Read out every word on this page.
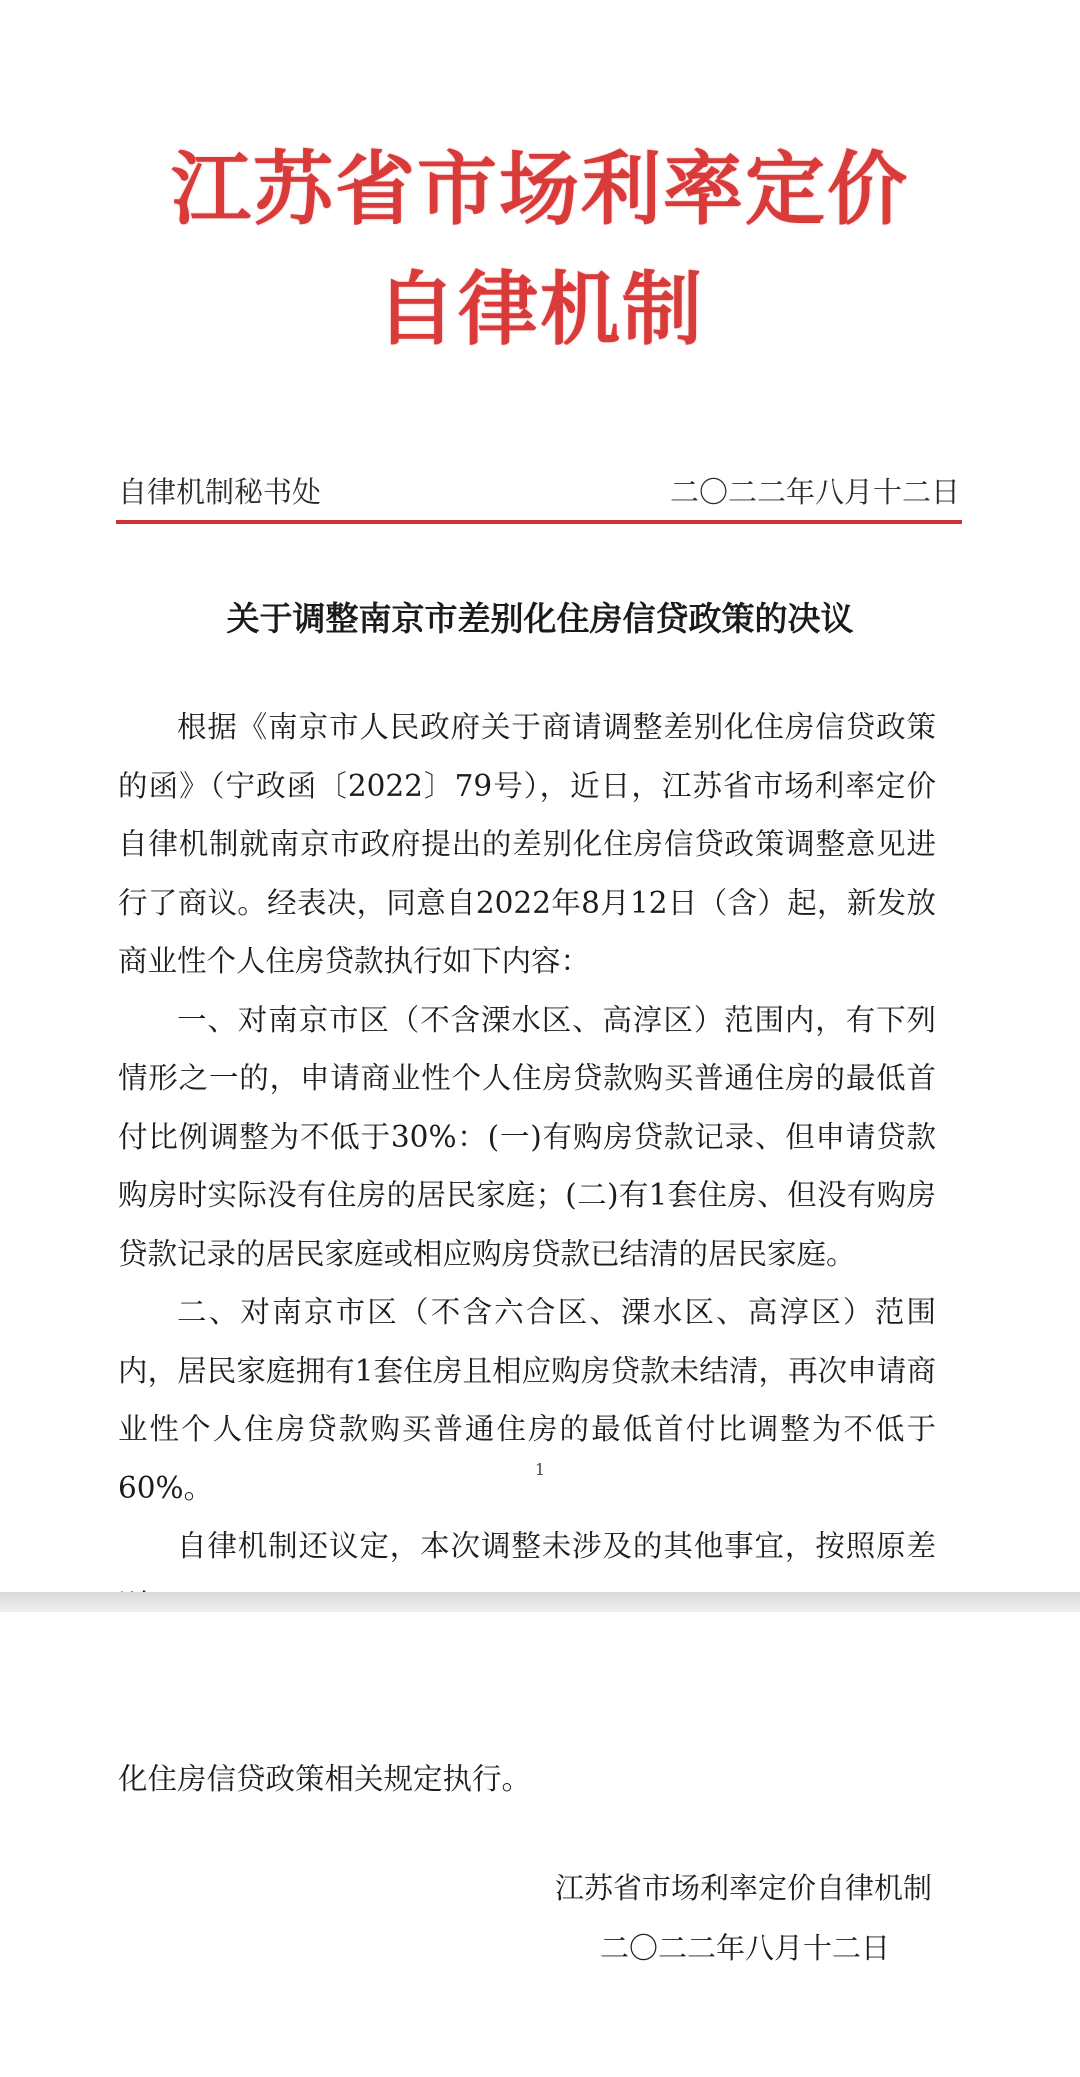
江苏省市场利率定价
自律机制
自律机制秘书处	二〇二二年八月十二日
关于调整南京市差别化住房信贷政策的决议

根据《南京市人民政府关于商请调整差别化住房信贷政策的函》（宁政函〔2022〕79号），近日，江苏省市场利率定价自律机制就南京市政府提出的差别化住房信贷政策调整意见进行了商议。经表决，同意自2022年8月12日（含）起，新发放商业性个人住房贷款执行如下内容：

一、对南京市区（不含溧水区、高淳区）范围内，有下列情形之一的，申请商业性个人住房贷款购买普通住房的最低首付比例调整为不低于30%：(一)有购房贷款记录、但申请贷款购房时实际没有住房的居民家庭；(二)有1套住房、但没有购房贷款记录的居民家庭或相应购房贷款已结清的居民家庭。

二、对南京市区（不含六合区、溧水区、高淳区）范围内，居民家庭拥有1套住房且相应购房贷款未结清，再次申请商业性个人住房贷款购买普通住房的最低首付比调整为不低于60%。

自律机制还议定，本次调整未涉及的其他事宜，按照原差

1
化住房信贷政策相关规定执行。
江苏省市场利率定价自律机制
二〇二二年八月十二日
